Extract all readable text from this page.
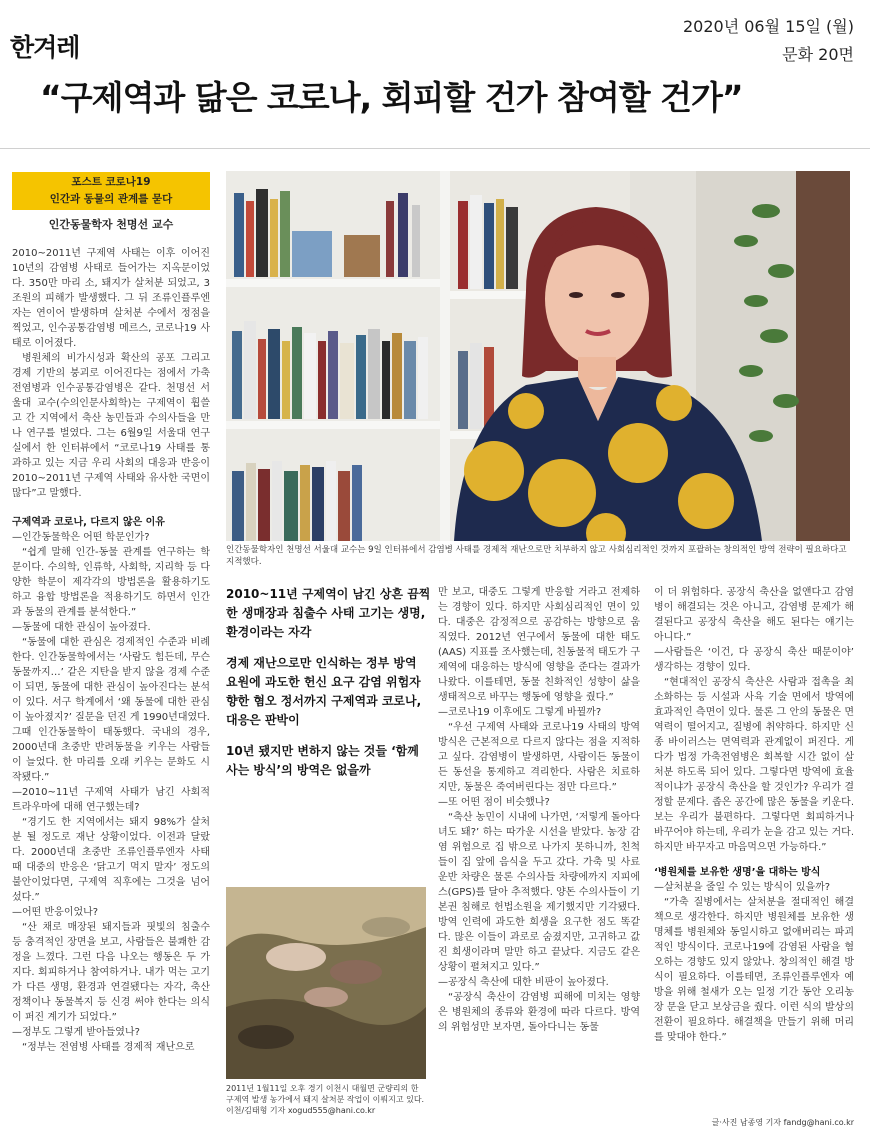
한겨레
2020년 06월 15일 (월)
문화 20면
“구제역과 닮은 코로나, 회피할 건가 참여할 건가”
포스트 코로나19
인간과 동물의 관계를 묻다
인간동물학자 천명선 교수

2010~2011년 구제역 사태는 이후 이어진 10년의 감염병 사태로 들어가는 지옥문이었다. 350만 마리 소, 돼지가 살처분 되었고, 3조원의 피해가 발생했다. 그 뒤 조류인플루엔자는 연이어 발생하며 살처분 수에서 정점을 찍었고, 인수공통감염병 메르스, 코로나19 사태로 이어졌다.

병원체의 비가시성과 확산의 공포 그리고 경제 기반의 붕괴로 이어진다는 점에서 가축전염병과 인수공통감염병은 같다. 천명선 서울대 교수(수의인문사회학)는 구제역이 휩쓸고 간 지역에서 축산 농민들과 수의사들을 만나 연구를 벌였다. 그는 6월9일 서울대 연구실에서 한 인터뷰에서 “코로나19 사태를 통과하고 있는 지금 우리 사회의 대응과 반응이 2010~2011년 구제역 사태와 유사한 국면이 많다”고 말했다.

구제역과 코로나, 다르지 않은 이유

—인간동물학은 어떤 학문인가?

“쉽게 말해 인간-동물 관계를 연구하는 학문이다. 수의학, 인류학, 사회학, 지리학 등 다양한 학문이 제각각의 방법론을 활용하기도 하고 융합 방법론을 적용하기도 하면서 인간과 동물의 관계를 분석한다.”

—동물에 대한 관심이 높아졌다.

“동물에 대한 관심은 경제적인 수준과 비례한다. 인간동물학에서는 ‘사람도 힘든데, 무슨 동물까지…’ 같은 지탄을 받지 않을 경제 수준이 되면, 동물에 대한 관심이 높아진다는 분석이 있다. 서구 학계에서 ‘왜 동물에 대한 관심이 높아졌지?’ 질문을 던진 게 1990년대였다. 그때 인간동물학이 태동했다. 국내의 경우, 2000년대 초중반 반려동물을 키우는 사람들이 늘었다. 한 마리를 오래 키우는 문화도 시작됐다.”

—2010~11년 구제역 사태가 남긴 사회적 트라우마에 대해 연구했는데?

“경기도 한 지역에서는 돼지 98%가 살처분 될 정도로 재난 상황이었다. 이전과 달랐다. 2000년대 초중반 조류인플루엔자 사태 때 대중의 반응은 ‘닭고기 먹지 말자’ 정도의 불안이었다면, 구제역 직후에는 그것을 넘어섰다.”

—어떤 반응이었나?

“산 채로 매장된 돼지들과 핏빛의 침출수 등 충격적인 장면을 보고, 사람들은 불쾌한 감정을 느꼈다. 그런 다음 나오는 행동은 두 가지다. 회피하거나 참여하거나. 내가 먹는 고기가 다른 생명, 환경과 연결됐다는 자각, 축산 정책이나 동물복지 등 신경 써야 한다는 의식이 퍼진 계기가 되었다.”

—정부도 그렇게 받아들였나?

“정부는 전염병 사태를 경제적 재난으로

인간동물학자인 천명선 서울대 교수는 9일 인터뷰에서 감염병 사태를 경제적 재난으로만 치부하지 않고 사회심리적인 것까지 포괄하는 창의적인 방역 전략이 필요하다고 지적했다.

2010~11년 구제역이 남긴 상흔 끔찍한 생매장과 침출수 사태 고기는 생명, 환경이라는 자각

경제 재난으로만 인식하는 정부 방역 요원에 과도한 헌신 요구 감염 위험자 향한 혐오 정서까지 구제역과 코로나, 대응은 판박이

10년 됐지만 변하지 않는 것들 ‘함께 사는 방식’의 방역은 없을까

2011년 1월11일 오후 경기 이천시 대월면 군량리의 한 구제역 발생 농가에서 돼지 살처분 작업이 이뤄지고 있다. 이천/김태형 기자 xogud555@hani.co.kr

만 보고, 대중도 그렇게 반응할 거라고 전제하는 경향이 있다. 하지만 사회심리적인 면이 있다. 대중은 감정적으로 공감하는 방향으로 움직였다. 2012년 연구에서 동물에 대한 태도(AAS) 지표를 조사했는데, 친동물적 태도가 구제역에 대응하는 방식에 영향을 준다는 결과가 나왔다. 이를테면, 동물 친화적인 성향이 삶을 생태적으로 바꾸는 행동에 영향을 줬다.”

—코로나19 이후에도 그렇게 바뀔까?

“우선 구제역 사태와 코로나19 사태의 방역 방식은 근본적으로 다르지 않다는 점을 지적하고 싶다. 감염병이 발생하면, 사람이든 동물이든 동선을 통제하고 격리한다. 사람은 치료하지만, 동물은 죽여버린다는 점만 다르다.”

—또 어떤 점이 비슷했나?

“축산 농민이 시내에 나가면, ‘저렇게 돌아다녀도 돼?’ 하는 따가운 시선을 받았다. 농장 감염 위험으로 집 밖으로 나가지 못하니까, 친척들이 집 앞에 음식을 두고 갔다. 가축 및 사료 운반 차량은 물론 수의사들 차량에까지 지피에스(GPS)를 달아 추적했다. 양돈 수의사들이 기본권 침해로 헌법소원을 제기했지만 기각됐다. 방역 인력에 과도한 희생을 요구한 점도 똑같다. 많은 이들이 과로로 숨졌지만, 고귀하고 값진 희생이라며 말만 하고 끝났다. 지금도 같은 상황이 펼쳐지고 있다.”

—공장식 축산에 대한 비판이 높아졌다.

“공장식 축산이 감염병 피해에 미치는 영향은 병원체의 종류와 환경에 따라 다르다. 방역의 위험성만 보자면, 돌아다니는 동물

이 더 위험하다. 공장식 축산을 없앤다고 감염병이 해결되는 것은 아니고, 감염병 문제가 해결된다고 공장식 축산을 해도 된다는 얘기는 아니다.”

—사람들은 ‘이건, 다 공장식 축산 때문이야’ 생각하는 경향이 있다.

“현대적인 공장식 축산은 사람과 접촉을 최소화하는 등 시설과 사육 기술 면에서 방역에 효과적인 측면이 있다. 물론 그 안의 동물은 면역력이 떨어지고, 질병에 취약하다. 하지만 신종 바이러스는 면역력과 관계없이 퍼진다. 게다가 법정 가축전염병은 회복할 시간 없이 살처분 하도록 되어 있다. 그렇다면 방역에 효율적이냐가 공장식 축산을 할 것인가? 우리가 결정할 문제다. 좁은 공간에 많은 동물을 키운다. 보는 우리가 불편하다. 그렇다면 회피하거나 바꾸어야 하는데, 우리가 눈을 감고 있는 거다. 하지만 바꾸자고 마음먹으면 가능하다.”

‘병원체를 보유한 생명’을 대하는 방식

—살처분을 줄일 수 있는 방식이 있을까?

“가축 질병에서는 살처분을 절대적인 해결책으로 생각한다. 하지만 병원체를 보유한 생명체를 병원체와 동일시하고 없애버리는 파괴적인 방식이다. 코로나19에 감염된 사람을 혐오하는 경향도 있지 않았나. 창의적인 해결 방식이 필요하다. 이를테면, 조류인플루엔자 예방을 위해 철새가 오는 일정 기간 동안 오리농장 문을 닫고 보상금을 줬다. 이런 식의 발상의 전환이 필요하다. 해결책을 만들기 위해 머리를 맞대야 한다.”

글·사진 남종영 기자 fandg@hani.co.kr
